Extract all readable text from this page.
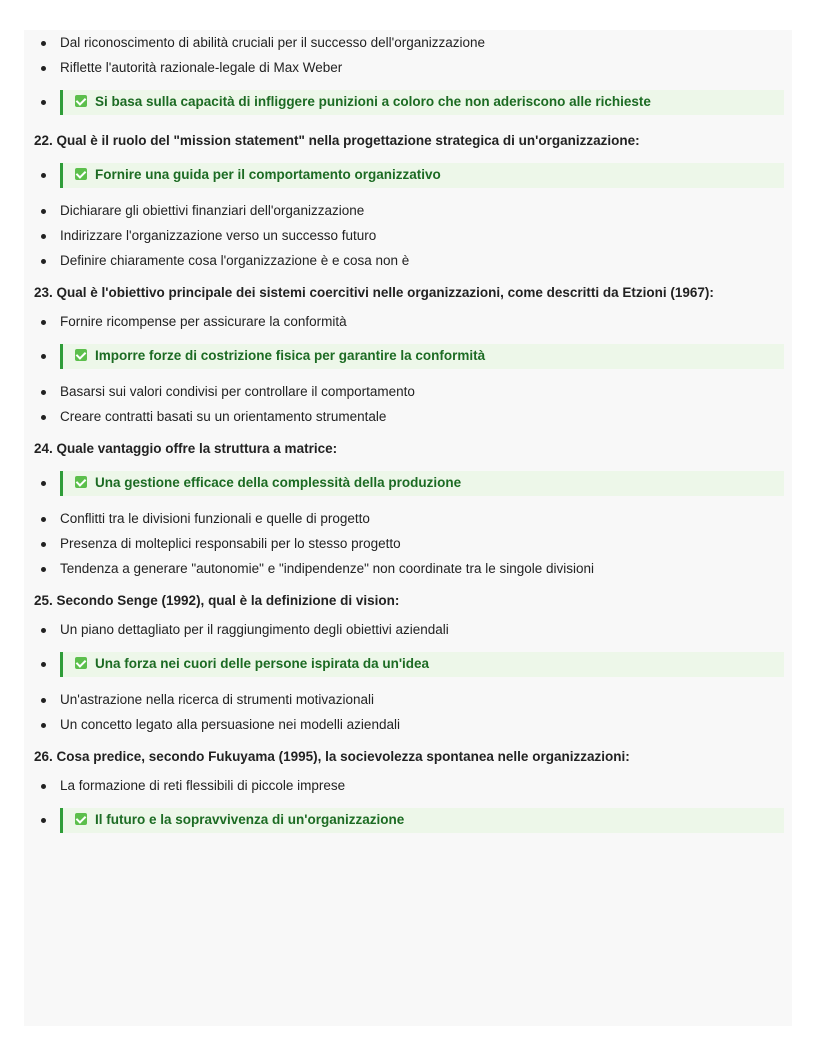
Dal riconoscimento di abilità cruciali per il successo dell'organizzazione
Riflette l'autorità razionale-legale di Max Weber
Si basa sulla capacità di infliggere punizioni a coloro che non aderiscono alle richieste
22. Qual è il ruolo del "mission statement" nella progettazione strategica di un'organizzazione:
Fornire una guida per il comportamento organizzativo
Dichiarare gli obiettivi finanziari dell'organizzazione
Indirizzare l'organizzazione verso un successo futuro
Definire chiaramente cosa l'organizzazione è e cosa non è
23. Qual è l'obiettivo principale dei sistemi coercitivi nelle organizzazioni, come descritti da Etzioni (1967):
Fornire ricompense per assicurare la conformità
Imporre forze di costrizione fisica per garantire la conformità
Basarsi sui valori condivisi per controllare il comportamento
Creare contratti basati su un orientamento strumentale
24. Quale vantaggio offre la struttura a matrice:
Una gestione efficace della complessità della produzione
Conflitti tra le divisioni funzionali e quelle di progetto
Presenza di molteplici responsabili per lo stesso progetto
Tendenza a generare "autonomie" e "indipendenze" non coordinate tra le singole divisioni
25. Secondo Senge (1992), qual è la definizione di vision:
Un piano dettagliato per il raggiungimento degli obiettivi aziendali
Una forza nei cuori delle persone ispirata da un'idea
Un'astrazione nella ricerca di strumenti motivazionali
Un concetto legato alla persuasione nei modelli aziendali
26. Cosa predice, secondo Fukuyama (1995), la socievolezza spontanea nelle organizzazioni:
La formazione di reti flessibili di piccole imprese
Il futuro e la sopravvivenza di un'organizzazione
